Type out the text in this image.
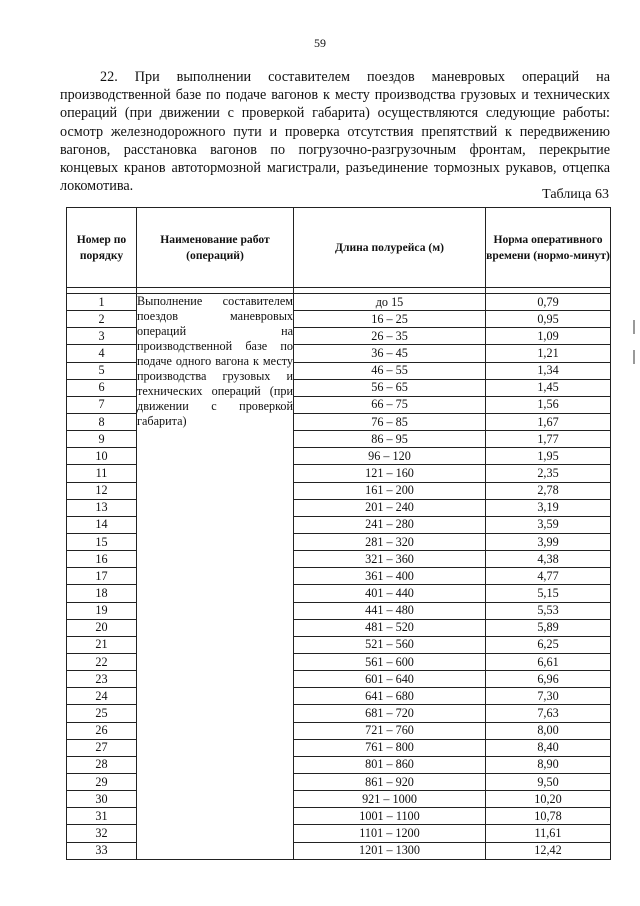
59
22. При выполнении составителем поездов маневровых операций на производственной базе по подаче вагонов к месту производства грузовых и технических операций (при движении с проверкой габарита) осуществляются следующие работы: осмотр железнодорожного пути и проверка отсутствия препятствий к передвижению вагонов, расстановка вагонов по погрузочно-разгрузочным фронтам, перекрытие концевых кранов автотормозной магистрали, разъединение тормозных рукавов, отцепка локомотива.
Таблица 63
Номер по порядку	Наименование работ (операций)	Длина полурейса (м)	Норма оперативного времени (нормо-минут)

1	Выполнение составителем поездов маневровых операций на производственной базе по подаче одного вагона к месту производства грузовых и технических операций (при движении с проверкой габарита)	до 15	0,79
2		16 – 25	0,95
3		26 – 35	1,09
4		36 – 45	1,21
5		46 – 55	1,34
6		56 – 65	1,45
7		66 – 75	1,56
8		76 – 85	1,67
9		86 – 95	1,77
10		96 – 120	1,95
11		121 – 160	2,35
12		161 – 200	2,78
13		201 – 240	3,19
14		241 – 280	3,59
15		281 – 320	3,99
16		321 – 360	4,38
17		361 – 400	4,77
18		401 – 440	5,15
19		441 – 480	5,53
20		481 – 520	5,89
21		521 – 560	6,25
22		561 – 600	6,61
23		601 – 640	6,96
24		641 – 680	7,30
25		681 – 720	7,63
26		721 – 760	8,00
27		761 – 800	8,40
28		801 – 860	8,90
29		861 – 920	9,50
30		921 – 1000	10,20
31		1001 – 1100	10,78
32		1101 – 1200	11,61
33		1201 – 1300	12,42
